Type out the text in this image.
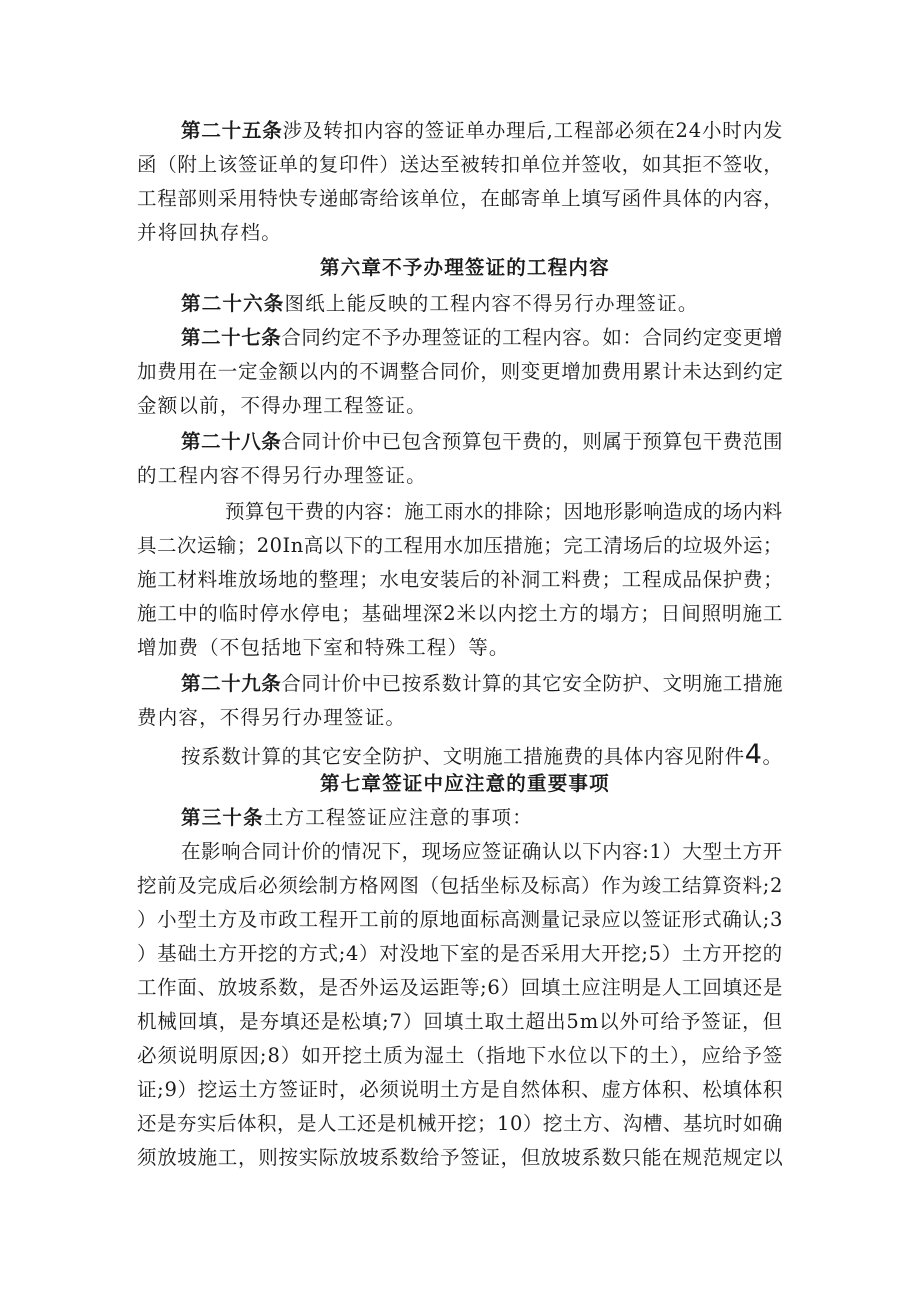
第二十五条涉及转扣内容的签证单办理后,工程部必须在24小时内发
函（附上该签证单的复印件）送达至被转扣单位并签收，如其拒不签收，
工程部则采用特快专递邮寄给该单位，在邮寄单上填写函件具体的内容，
并将回执存档。
第六章不予办理签证的工程内容
第二十六条图纸上能反映的工程内容不得另行办理签证。
第二十七条合同约定不予办理签证的工程内容。如：合同约定变更增
加费用在一定金额以内的不调整合同价，则变更增加费用累计未达到约定
金额以前，不得办理工程签证。
第二十八条合同计价中已包含预算包干费的，则属于预算包干费范围
的工程内容不得另行办理签证。
预算包干费的内容：施工雨水的排除；因地形影响造成的场内料
具二次运输；20In高以下的工程用水加压措施；完工清场后的垃圾外运；
施工材料堆放场地的整理；水电安装后的补洞工料费；工程成品保护费；
施工中的临时停水停电；基础埋深2米以内挖土方的塌方；日间照明施工
增加费（不包括地下室和特殊工程）等。
第二十九条合同计价中已按系数计算的其它安全防护、文明施工措施
费内容，不得另行办理签证。
按系数计算的其它安全防护、文明施工措施费的具体内容见附件4。
第七章签证中应注意的重要事项
第三十条土方工程签证应注意的事项：
在影响合同计价的情况下，现场应签证确认以下内容:1）大型土方开
挖前及完成后必须绘制方格网图（包括坐标及标高）作为竣工结算资料;2
）小型土方及市政工程开工前的原地面标高测量记录应以签证形式确认;3
）基础土方开挖的方式;4）对没地下室的是否采用大开挖;5）土方开挖的
工作面、放坡系数，是否外运及运距等;6）回填土应注明是人工回填还是
机械回填，是夯填还是松填;7）回填土取土超出5m以外可给予签证，但
必须说明原因;8）如开挖土质为湿土（指地下水位以下的土），应给予签
证;9）挖运土方签证时，必须说明土方是自然体积、虚方体积、松填体积
还是夯实后体积，是人工还是机械开挖；10）挖土方、沟槽、基坑时如确
须放坡施工，则按实际放坡系数给予签证，但放坡系数只能在规范规定以
